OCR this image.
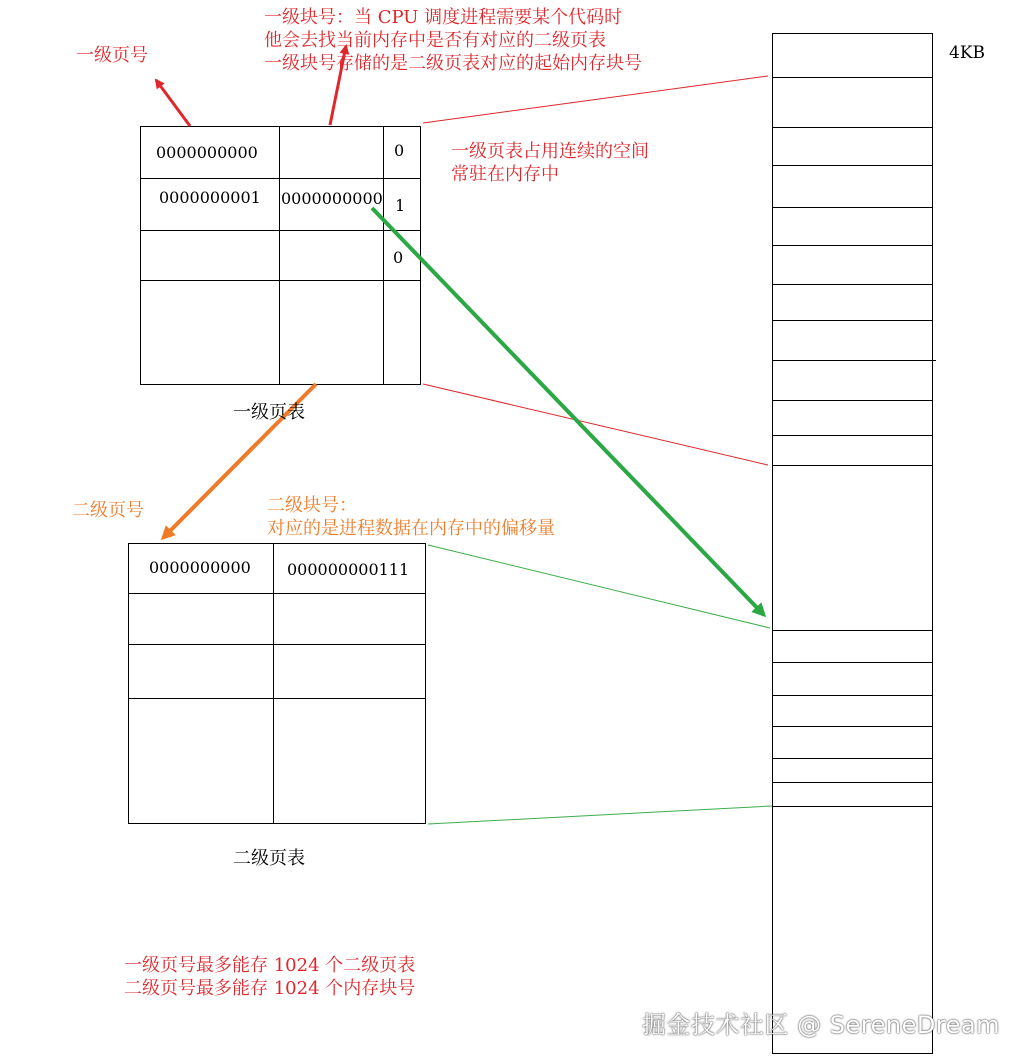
一级页号
一级块号：当 CPU 调度进程需要某个代码时
他会去找当前内存中是否有对应的二级页表
一级块号存储的是二级页表对应的起始内存块号
一级页表占用连续的空间
常驻在内存中
4KB
0000000000	0
0000000001 0000000000 1
0
一级页表
二级页号	二级块号：
对应的是进程数据在内存中的偏移量
0000000000 000000000111
二级页表
一级页号最多能存 1024 个二级页表
二级页号最多能存 1024 个内存块号
掘金技术社区 @ SereneDream
